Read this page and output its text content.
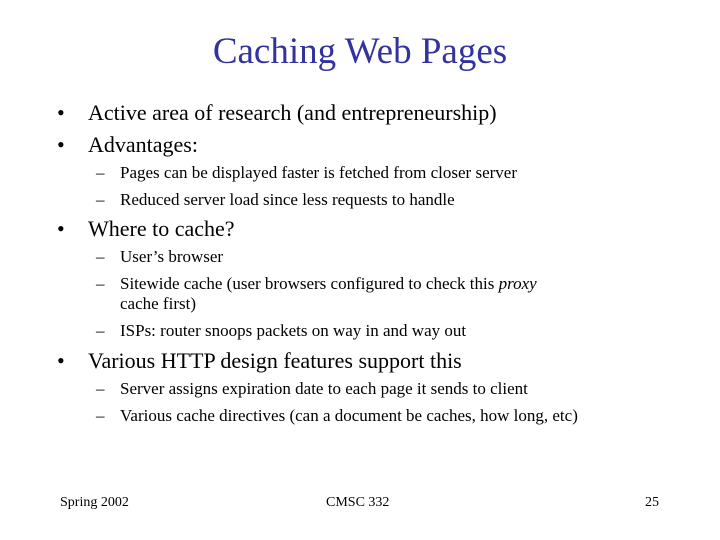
Caching Web Pages
• Active area of research (and entrepreneurship)
• Advantages:
– Pages can be displayed faster is fetched from closer server
– Reduced server load since less requests to handle
• Where to cache?
– User’s browser
– Sitewide cache (user browsers configured to check this proxy
cache first)
– ISPs: router snoops packets on way in and way out
• Various HTTP design features support this
– Server assigns expiration date to each page it sends to client
– Various cache directives (can a document be caches, how long, etc)
Spring 2002	CMSC 332	25
